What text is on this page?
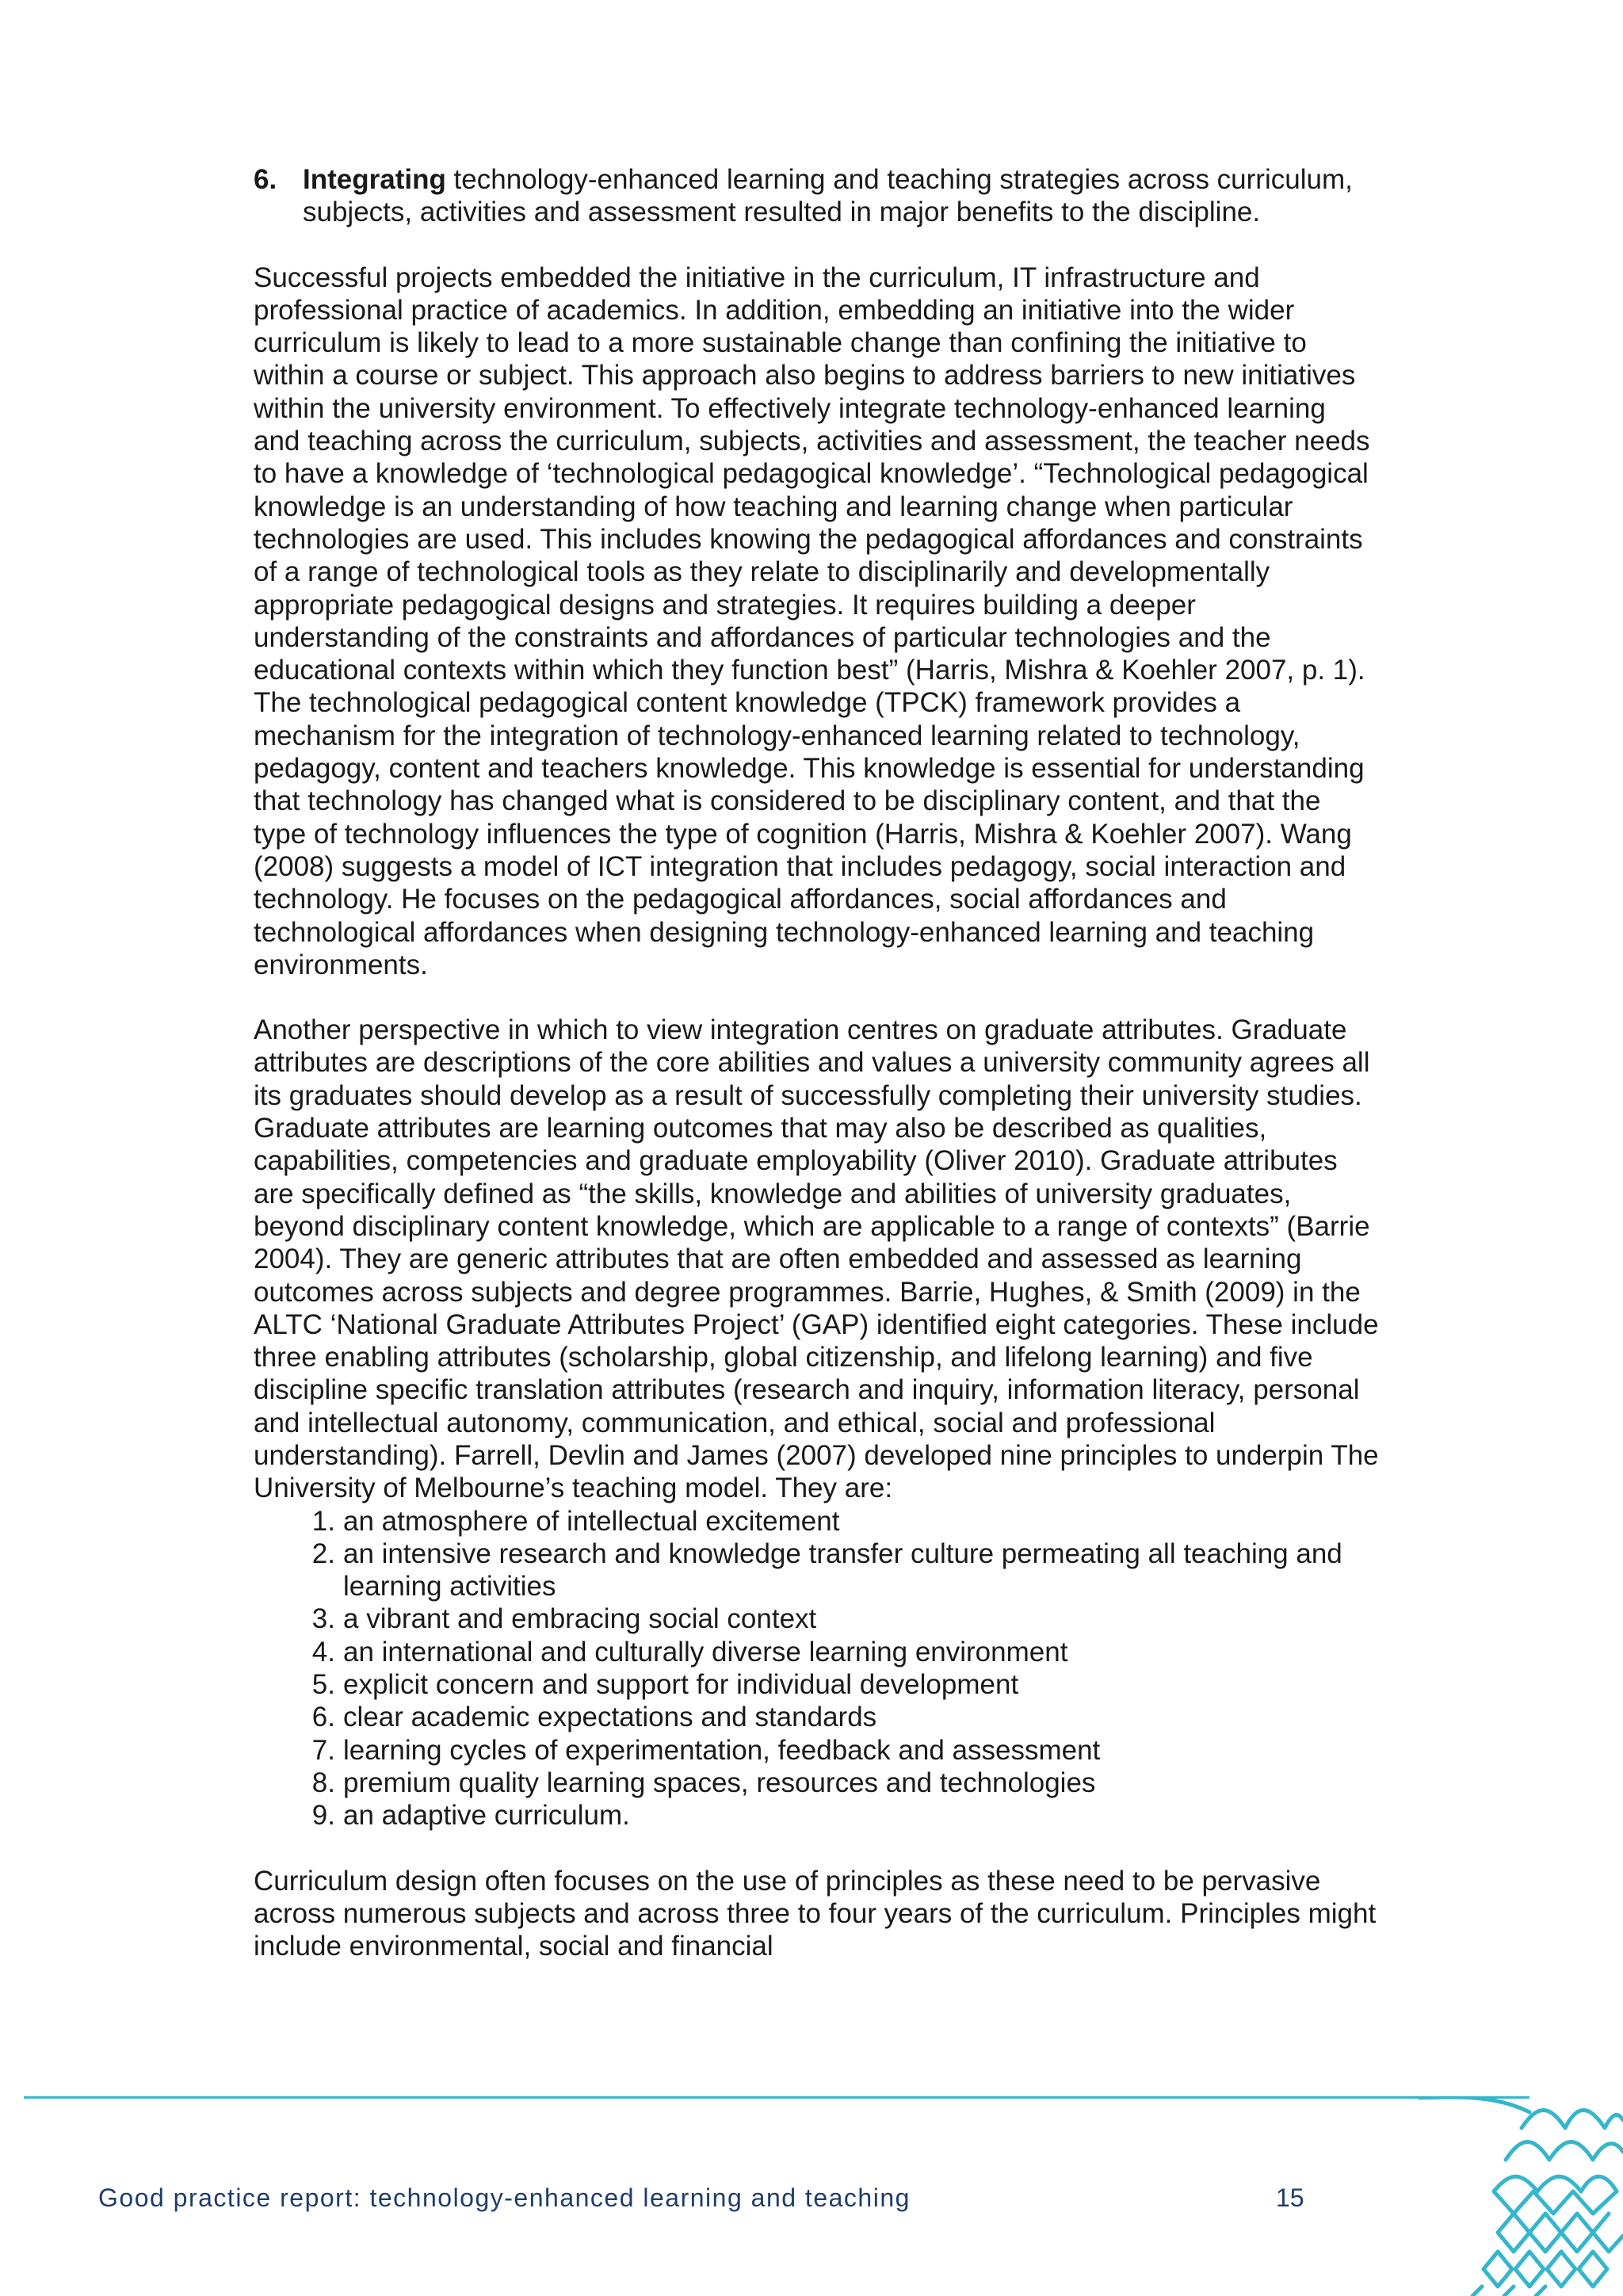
6. Integrating technology-enhanced learning and teaching strategies across curriculum, subjects, activities and assessment resulted in major benefits to the discipline.

Successful projects embedded the initiative in the curriculum, IT infrastructure and professional practice of academics. In addition, embedding an initiative into the wider curriculum is likely to lead to a more sustainable change than confining the initiative to within a course or subject. This approach also begins to address barriers to new initiatives within the university environment. To effectively integrate technology-enhanced learning and teaching across the curriculum, subjects, activities and assessment, the teacher needs to have a knowledge of ‘technological pedagogical knowledge’. “Technological pedagogical knowledge is an understanding of how teaching and learning change when particular technologies are used. This includes knowing the pedagogical affordances and constraints of a range of technological tools as they relate to disciplinarily and developmentally appropriate pedagogical designs and strategies. It requires building a deeper understanding of the constraints and affordances of particular technologies and the educational contexts within which they function best” (Harris, Mishra & Koehler 2007, p. 1). The technological pedagogical content knowledge (TPCK) framework provides a mechanism for the integration of technology-enhanced learning related to technology, pedagogy, content and teachers knowledge. This knowledge is essential for understanding that technology has changed what is considered to be disciplinary content, and that the type of technology influences the type of cognition (Harris, Mishra & Koehler 2007). Wang (2008) suggests a model of ICT integration that includes pedagogy, social interaction and technology. He focuses on the pedagogical affordances, social affordances and technological affordances when designing technology-enhanced learning and teaching environments.

Another perspective in which to view integration centres on graduate attributes. Graduate attributes are descriptions of the core abilities and values a university community agrees all its graduates should develop as a result of successfully completing their university studies. Graduate attributes are learning outcomes that may also be described as qualities, capabilities, competencies and graduate employability (Oliver 2010). Graduate attributes are specifically defined as “the skills, knowledge and abilities of university graduates, beyond disciplinary content knowledge, which are applicable to a range of contexts” (Barrie 2004). They are generic attributes that are often embedded and assessed as learning outcomes across subjects and degree programmes. Barrie, Hughes, & Smith (2009) in the ALTC ‘National Graduate Attributes Project’ (GAP) identified eight categories. These include three enabling attributes (scholarship, global citizenship, and lifelong learning) and five discipline specific translation attributes (research and inquiry, information literacy, personal and intellectual autonomy, communication, and ethical, social and professional understanding). Farrell, Devlin and James (2007) developed nine principles to underpin The University of Melbourne’s teaching model. They are:

1. an atmosphere of intellectual excitement
2. an intensive research and knowledge transfer culture permeating all teaching and learning activities
3. a vibrant and embracing social context
4. an international and culturally diverse learning environment
5. explicit concern and support for individual development
6. clear academic expectations and standards
7. learning cycles of experimentation, feedback and assessment
8. premium quality learning spaces, resources and technologies
9. an adaptive curriculum.

Curriculum design often focuses on the use of principles as these need to be pervasive across numerous subjects and across three to four years of the curriculum. Principles might include environmental, social and financial

Good practice report: technology-enhanced learning and teaching	15
